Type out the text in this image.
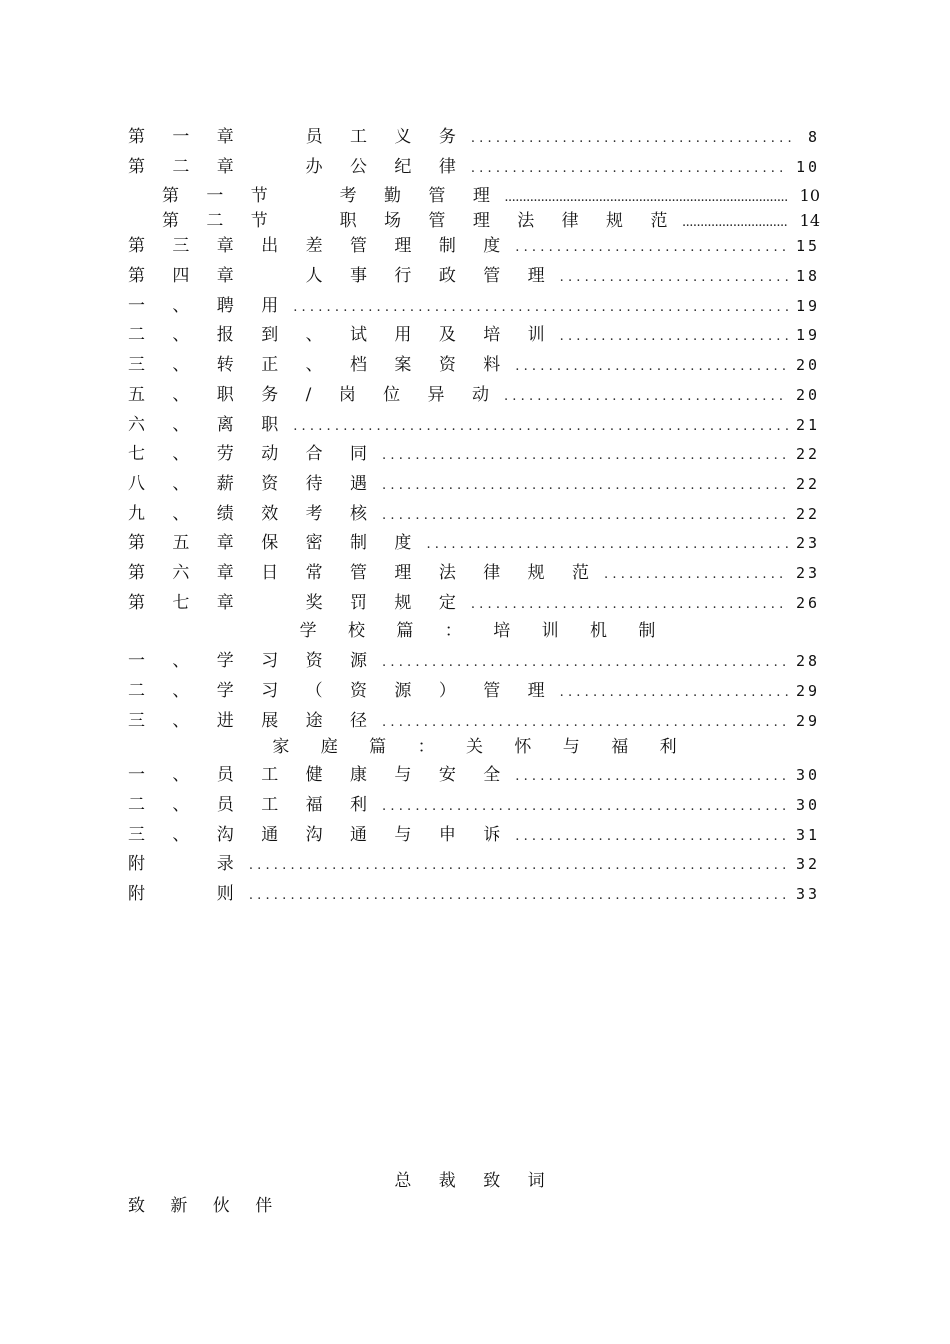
第 一 章 　 员 工 义 务 .....	8
第 二 章 　 办 公 纪 律 .....	10
第 一 节 　 考 勤 管 理 .....	10
第 二 节 　 职 场 管 理 法 律 规 范 .....	14
第 三 章 出 差 管 理 制 度 .....	15
第 四 章 　 人 事 行 政 管 理 .....	18
一 、 聘 用 .....	19
二 、 报 到 、 试 用 及 培 训 .....	19
三 、 转 正 、 档 案 资 料 .....	20
五 、 职 务 / 岗 位 异 动 .....	20
六 、 离 职 .....	21
七 、 劳 动 合 同 .....	22
八 、 薪 资 待 遇 .....	22
九 、 绩 效 考 核 .....	22
第 五 章 保 密 制 度 .....	23
第 六 章 日 常 管 理 法 律 规 范 .....	23
第 七 章 　 奖 罚 规 定 .....	26
学 校 篇 ： 培 训 机 制
一 、 学 习 资 源 .....	28
二 、 学 习 （ 资 源 ） 管 理 .....	29
三 、 进 展 途 径 .....	29
家 庭 篇 ： 关 怀 与 福 利
一 、 员 工 健 康 与 安 全 .....	30
二 、 员 工 福 利 .....	30
三 、 沟 通 沟 通 与 申 诉 .....	31
附 　 录 .....	32
附 　 则 .....	33
总 裁 致 词
致 新 伙 伴
